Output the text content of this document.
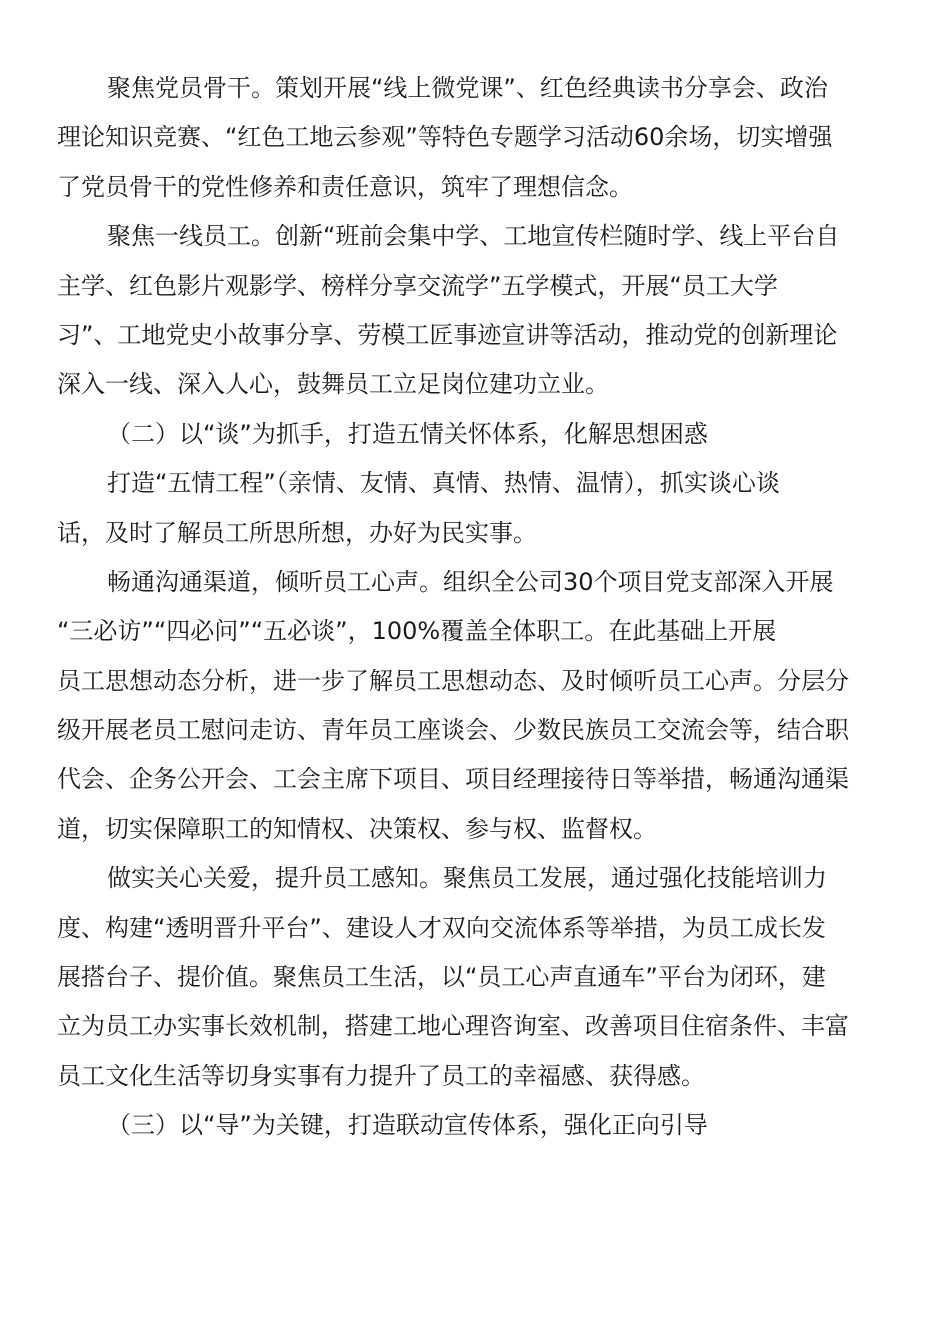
聚焦党员骨干。策划开展“线上微党课”、红色经典读书分享会、政治
理论知识竞赛、“红色工地云参观”等特色专题学习活动60余场，切实增强
了党员骨干的党性修养和责任意识，筑牢了理想信念。
聚焦一线员工。创新“班前会集中学、工地宣传栏随时学、线上平台自
主学、红色影片观影学、榜样分享交流学”五学模式，开展“员工大学
习”、工地党史小故事分享、劳模工匠事迹宣讲等活动，推动党的创新理论
深入一线、深入人心，鼓舞员工立足岗位建功立业。
（二）以“谈”为抓手，打造五情关怀体系，化解思想困惑
打造“五情工程”（亲情、友情、真情、热情、温情），抓实谈心谈
话，及时了解员工所思所想，办好为民实事。
畅通沟通渠道，倾听员工心声。组织全公司30个项目党支部深入开展
“三必访”“四必问”“五必谈”，100%覆盖全体职工。在此基础上开展
员工思想动态分析，进一步了解员工思想动态、及时倾听员工心声。分层分
级开展老员工慰问走访、青年员工座谈会、少数民族员工交流会等，结合职
代会、企务公开会、工会主席下项目、项目经理接待日等举措，畅通沟通渠
道，切实保障职工的知情权、决策权、参与权、监督权。
做实关心关爱，提升员工感知。聚焦员工发展，通过强化技能培训力
度、构建“透明晋升平台”、建设人才双向交流体系等举措，为员工成长发
展搭台子、提价值。聚焦员工生活，以“员工心声直通车”平台为闭环，建
立为员工办实事长效机制，搭建工地心理咨询室、改善项目住宿条件、丰富
员工文化生活等切身实事有力提升了员工的幸福感、获得感。
（三）以“导”为关键，打造联动宣传体系，强化正向引导
